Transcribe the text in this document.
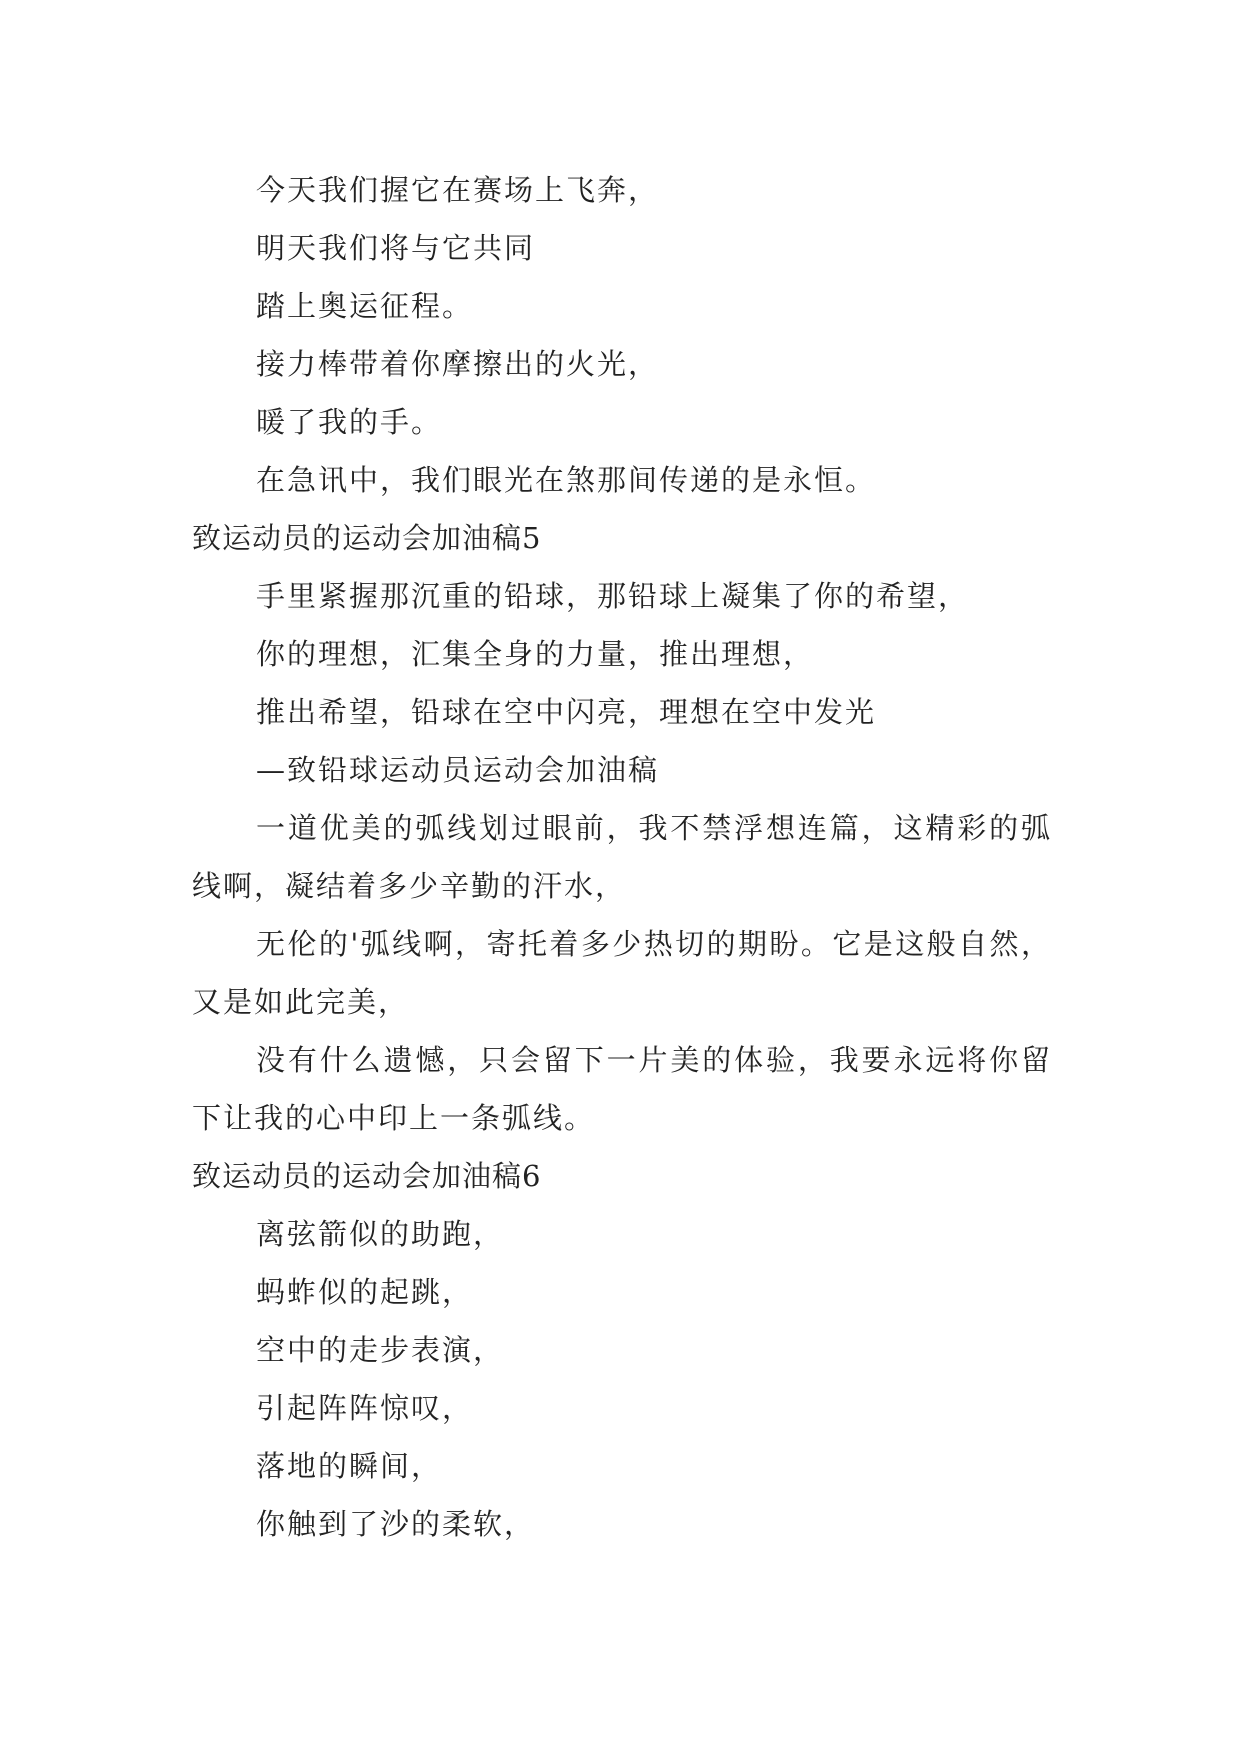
今天我们握它在赛场上飞奔，
明天我们将与它共同
踏上奥运征程。
接力棒带着你摩擦出的火光，
暖了我的手。
在急讯中，我们眼光在煞那间传递的是永恒。
致运动员的运动会加油稿5
手里紧握那沉重的铅球，那铅球上凝集了你的希望，
你的理想，汇集全身的力量，推出理想，
推出希望，铅球在空中闪亮，理想在空中发光
—致铅球运动员运动会加油稿
一道优美的弧线划过眼前，我不禁浮想连篇，这精彩的弧线啊，凝结着多少辛勤的汗水，
无伦的'弧线啊，寄托着多少热切的期盼。它是这般自然，又是如此完美，
没有什么遗憾，只会留下一片美的体验，我要永远将你留下让我的心中印上一条弧线。
致运动员的运动会加油稿6
离弦箭似的助跑，
蚂蚱似的起跳，
空中的走步表演，
引起阵阵惊叹，
落地的瞬间，
你触到了沙的柔软，
